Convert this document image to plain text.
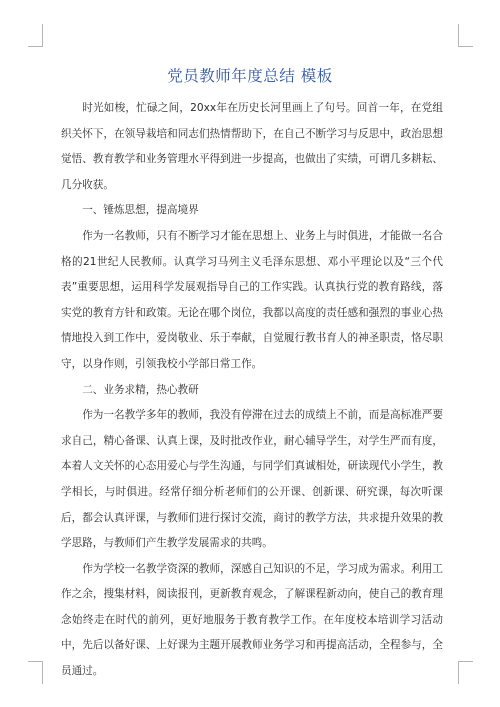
党员教师年度总结 模板

时光如梭，忙碌之间，20xx年在历史长河里画上了句号。回首一年，在党组织关怀下，在领导栽培和同志们热情帮助下，在自己不断学习与反思中，政治思想觉悟、教育教学和业务管理水平得到进一步提高，也做出了实绩，可谓几多耕耘、几分收获。

一、锤炼思想，提高境界

作为一名教师，只有不断学习才能在思想上、业务上与时俱进，才能做一名合格的21世纪人民教师。认真学习马列主义毛泽东思想、邓小平理论以及“三个代表”重要思想，运用科学发展观指导自己的工作实践。认真执行党的教育路线，落实党的教育方针和政策。无论在哪个岗位，我都以高度的责任感和强烈的事业心热情地投入到工作中，爱岗敬业、乐于奉献，自觉履行教书育人的神圣职责，恪尽职守，以身作则，引领我校小学部日常工作。

二、业务求精，热心教研

作为一名教学多年的教师，我没有停滞在过去的成绩上不前，而是高标准严要求自己，精心备课、认真上课，及时批改作业，耐心辅导学生，对学生严而有度，本着人文关怀的心态用爱心与学生沟通，与同学们真诚相处，研读现代小学生，教学相长，与时俱进。经常仔细分析老师们的公开课、创新课、研究课，每次听课后，都会认真评课，与教师们进行探讨交流，商讨的教学方法，共求提升效果的教学思路，与教师们产生教学发展需求的共鸣。

作为学校一名教学资深的教师，深感自己知识的不足，学习成为需求。利用工作之余，搜集材料，阅读报刊，更新教育观念，了解课程新动向，使自己的教育理念始终走在时代的前列，更好地服务于教育教学工作。在年度校本培训学习活动中，先后以备好课、上好课为主题开展教师业务学习和再提高活动，全程参与，全员通过。
